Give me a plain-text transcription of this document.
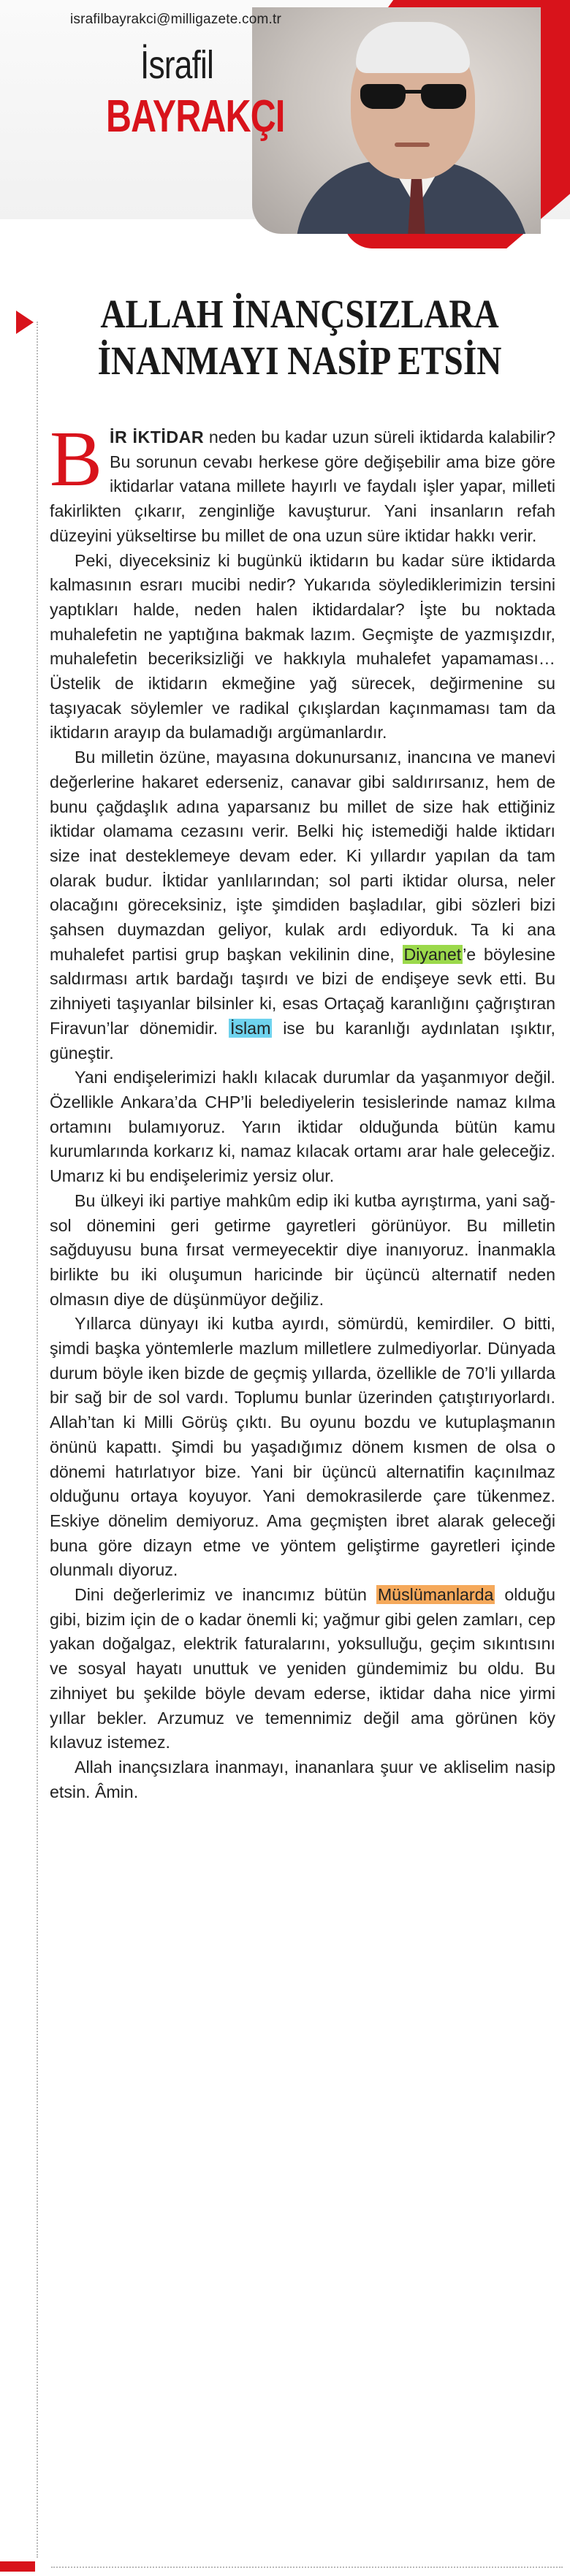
israfilbayrakci@milligazete.com.tr
İsrafil
BAYRAKÇI
ALLAH İNANÇSIZLARA
İNANMAYI NASİP ETSİN

BİR İKTİDAR neden bu kadar uzun süreli iktidarda kalabilir? Bu sorunun cevabı herkese göre değişebilir ama bize göre iktidarlar vatana millete hayırlı ve faydalı işler yapar, milleti fakirlikten çıkarır, zenginliğe kavuşturur. Yani insanların refah düzeyini yükseltirse bu millet de ona uzun süre iktidar hakkı verir.

Peki, diyeceksiniz ki bugünkü iktidarın bu kadar süre iktidarda kalmasının esrarı mucibi nedir? Yukarıda söylediklerimizin tersini yaptıkları halde, neden halen iktidardalar? İşte bu noktada muhalefetin ne yaptığına bakmak lazım. Geçmişte de yazmışızdır, muhalefetin beceriksizliği ve hakkıyla muhalefet yapamaması… Üstelik de iktidarın ekmeğine yağ sürecek, değirmenine su taşıyacak söylemler ve radikal çıkışlardan kaçınmaması tam da iktidarın arayıp da bulamadığı argümanlardır.

Bu milletin özüne, mayasına dokunursanız, inancına ve manevi değerlerine hakaret ederseniz, canavar gibi saldırırsanız, hem de bunu çağdaşlık adına yaparsanız bu millet de size hak ettiğiniz iktidar olamama cezasını verir. Belki hiç istemediği halde iktidarı size inat desteklemeye devam eder. Ki yıllardır yapılan da tam olarak budur. İktidar yanlılarından; sol parti iktidar olursa, neler olacağını göreceksiniz, işte şimdiden başladılar, gibi sözleri bizi şahsen duymazdan geliyor, kulak ardı ediyorduk. Ta ki ana muhalefet partisi grup başkan vekilinin dine, Diyanet’e böylesine saldırması artık bardağı taşırdı ve bizi de endişeye sevk etti. Bu zihniyeti taşıyanlar bilsinler ki, esas Ortaçağ karanlığını çağrıştıran Firavun’lar dönemidir. İslam ise bu karanlığı aydınlatan ışıktır, güneştir.

Yani endişelerimizi haklı kılacak durumlar da yaşanmıyor değil. Özellikle Ankara’da CHP’li belediyelerin tesislerinde namaz kılma ortamını bulamıyoruz. Yarın iktidar olduğunda bütün kamu kurumlarında korkarız ki, namaz kılacak ortamı arar hale geleceğiz. Umarız ki bu endişelerimiz yersiz olur.

Bu ülkeyi iki partiye mahkûm edip iki kutba ayrıştırma, yani sağ-sol dönemini geri getirme gayretleri görünüyor. Bu milletin sağduyusu buna fırsat vermeyecektir diye inanıyoruz. İnanmakla birlikte bu iki oluşumun haricinde bir üçüncü alternatif neden olmasın diye de düşünmüyor değiliz.

Yıllarca dünyayı iki kutba ayırdı, sömürdü, kemirdiler. O bitti, şimdi başka yöntemlerle mazlum milletlere zulmediyorlar. Dünyada durum böyle iken bizde de geçmiş yıllarda, özellikle de 70’li yıllarda bir sağ bir de sol vardı. Toplumu bunlar üzerinden çatıştırıyorlardı. Allah’tan ki Milli Görüş çıktı. Bu oyunu bozdu ve kutuplaşmanın önünü kapattı. Şimdi bu yaşadığımız dönem kısmen de olsa o dönemi hatırlatıyor bize. Yani bir üçüncü alternatifin kaçınılmaz olduğunu ortaya koyuyor. Yani demokrasilerde çare tükenmez. Eskiye dönelim demiyoruz. Ama geçmişten ibret alarak geleceği buna göre dizayn etme ve yöntem geliştirme gayretleri içinde olunmalı diyoruz.

Dini değerlerimiz ve inancımız bütün Müslümanlarda olduğu gibi, bizim için de o kadar önemli ki; yağmur gibi gelen zamları, cep yakan doğalgaz, elektrik faturalarını, yoksulluğu, geçim sıkıntısını ve sosyal hayatı unuttuk ve yeniden gündemimiz bu oldu. Bu zihniyet bu şekilde böyle devam ederse, iktidar daha nice yirmi yıllar bekler. Arzumuz ve temennimiz değil ama görünen köy kılavuz istemez.

Allah inançsızlara inanmayı, inananlara şuur ve akliselim nasip etsin. Âmin.
